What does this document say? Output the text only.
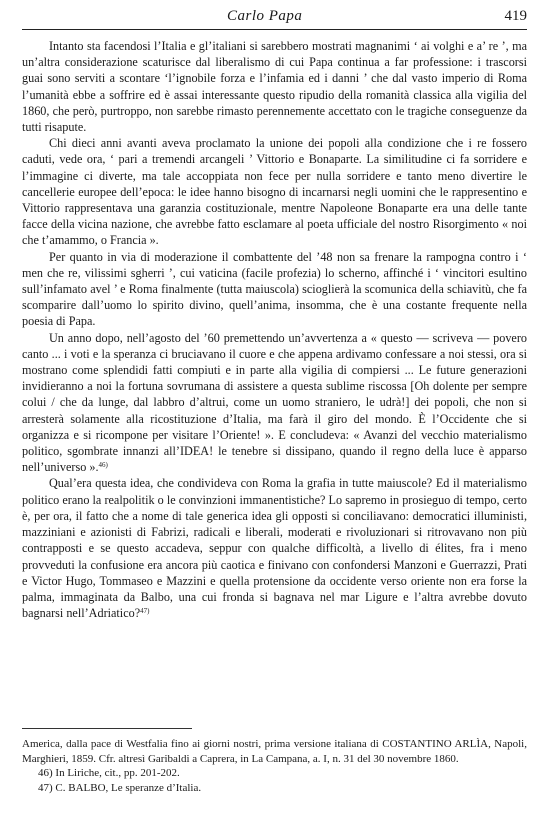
Carlo Papa	419

Intanto sta facendosi l’Italia e gl’italiani si sarebbero mostrati magnanimi ‘ ai volghi e a’ re ’, ma un’altra considerazione scaturisce dal liberalismo di cui Papa continua a far professione: i trascorsi guai sono serviti a scontare ‘l’ignobile forza e l’infamia ed i danni ’ che dal vasto imperio di Roma l’umanità ebbe a soffrire ed è assai interessante questo ripudio della romanità classica alla vigilia del 1860, che però, purtroppo, non sarebbe rimasto perennemente accettato con le tragiche conseguenze da tutti risapute.

Chi dieci anni avanti aveva proclamato la unione dei popoli alla condizione che i re fossero caduti, vede ora, ‘ pari a tremendi arcangeli ’ Vittorio e Bonaparte. La similitudine ci fa sorridere e l’immagine ci diverte, ma tale accoppiata non fece per nulla sorridere e tanto meno divertire le cancellerie europee dell’epoca: le idee hanno bisogno di incarnarsi negli uomini che le rappresentino e Vittorio rappresentava una garanzia costituzionale, mentre Napoleone Bonaparte era una delle tante facce della vicina nazione, che avrebbe fatto esclamare al poeta ufficiale del nostro Risorgimento « noi che t’amammo, o Francia ».

Per quanto in via di moderazione il combattente del ’48 non sa frenare la rampogna contro i ‘ men che re, vilissimi sgherri ’, cui vaticina (facile profezia) lo scherno, affinché i ‘ vincitori esultino sull’infamato avel ’ e Roma finalmente (tutta maiuscola) scioglierà la scomunica della schiavitù, che fa scomparire dall’uomo lo spirito divino, quell’anima, insomma, che è una costante frequente nella poesia di Papa.

Un anno dopo, nell’agosto del ’60 premettendo un’avvertenza a « questo — scriveva — povero canto ... i voti e la speranza ci bruciavano il cuore e che appena ardivamo confessare a noi stessi, ora si mostrano come splendidi fatti compiuti e in parte alla vigilia di compiersi ... Le future generazioni invidieranno a noi la fortuna sovrumana di assistere a questa sublime riscossa [Oh dolente per sempre colui / che da lunge, dal labbro d’altrui, come un uomo straniero, le udrà!] dei popoli, che non si arresterà solamente alla ricostituzione d’Italia, ma farà il giro del mondo. È l’Occidente che si organizza e si ricompone per visitare l’Oriente! ». E concludeva: « Avanzi del vecchio materialismo politico, sgombrate innanzi all’IDEA! le tenebre si dissipano, quando il regno della luce è apparso nell’universo ».$^{46)}$

Qual’era questa idea, che condivideva con Roma la grafia in tutte maiuscole? Ed il materialismo politico erano la realpolitik o le convinzioni immanentistiche? Lo sapremo in prosieguo di tempo, certo è, per ora, il fatto che a nome di tale generica idea gli opposti si conciliavano: democratici illuministi, mazziniani e azionisti di Fabrizi, radicali e liberali, moderati e rivoluzionari si ritrovavano non più contrapposti e se questo accadeva, seppur con qualche difficoltà, a livello di élites, fra i meno provveduti la confusione era ancora più caotica e finivano con confondersi Manzoni e Guerrazzi, Prati e Victor Hugo, Tommaseo e Mazzini e quella protensione da occidente verso oriente non era forse la palma, immaginata da Balbo, una cui fronda si bagnava nel mar Ligure e l’altra avrebbe dovuto bagnarsi nell’Adriatico?$^{47)}$

America, dalla pace di Westfalia fino ai giorni nostri, prima versione italiana di COSTANTINO ARLÌA, Napoli, Marghieri, 1859. Cfr. altresì Garibaldi a Caprera, in La Campana, a. I, n. 31 del 30 novembre 1860.

46) In Liriche, cit., pp. 201-202.

47) C. BALBO, Le speranze d’Italia.
